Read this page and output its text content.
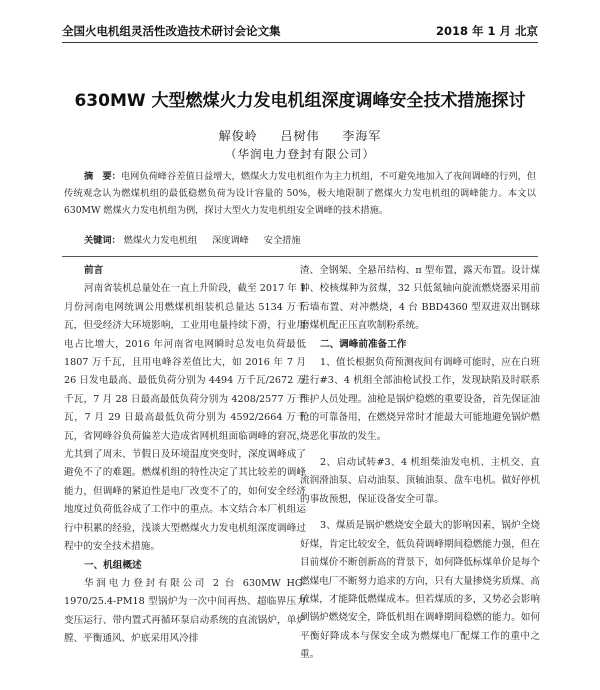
全国火电机组灵活性改造技术研讨会论文集	2018 年 1 月 北京
630MW 大型燃煤火力发电机组深度调峰安全技术措施探讨
解俊岭 吕树伟 李海军
（华润电力登封有限公司）
摘　要：电网负荷峰谷差值日益增大，燃煤火力发电机组作为主力机组，不可避免地加入了夜间调峰的行列，但传统观念认为燃煤机组的最低稳燃负荷为设计容量的 50%，极大地限制了燃煤火力发电机组的调峰能力。本文以 630MW 燃煤火力发电机组为例，探讨大型火力发电机组安全调峰的技术措施。
关键词： 燃煤火力发电机组 深度调峰 安全措施
前言

河南省装机总量处在一直上升阶段，截至 2017 年 1 月份河南电网统调公用燃煤机组装机总量达 5134 万千瓦，但受经济大环境影响，工业用电量持续下滑，行业用电占比增大，2016 年河南省电网瞬时总发电负荷最低 1807 万千瓦，且用电峰谷差值比大，如 2016 年 7 月 26 日发电最高、最低负荷分别为 4494 万千瓦/2672 万千瓦，7 月 28 日最高最低负荷分别为 4208/2577 万千瓦，7 月 29 日最高最低负荷分别为 4592/2664 万千瓦，省网峰谷负荷偏差大造成省网机组面临调峰的窘况，尤其到了周末、节假日及环境温度突变时，深度调峰成了避免不了的难题。燃煤机组的特性决定了其比较差的调峰能力，但调峰的紧迫性是电厂改变不了的，如何安全经济地度过负荷低谷成了工作中的重点。本文结合本厂机组运行中积累的经验，浅谈大型燃煤火力发电机组深度调峰过程中的安全技术措施。

一、机组概述

华润电力登封有限公司 2 台 630MW HG-1970/25.4-PM18 型锅炉为一次中间再热、超临界压力变压运行、带内置式再循环泵启动系统的直流锅炉，单炉膛、平衡通风、炉底采用风冷排

渣、全钢架、全悬吊结构、π 型布置，露天布置。设计煤种、校核煤种为贫煤，32 只低氮轴向旋流燃烧器采用前后墙布置、对冲燃烧，4 台 BBD4360 型双进双出钢球磨煤机配正压直吹制粉系统。

二、调峰前准备工作

1、值长根据负荷预测夜间有调峰可能时，应在白班进行#3、4 机组全部油枪试投工作，发现缺陷及时联系维护人员处理。油枪是锅炉稳燃的重要设备，首先保证油枪的可靠备用，在燃烧异常时才能最大可能地避免锅炉燃烧恶化事故的发生。

2、启动试转#3、4 机组柴油发电机、主机交、直流润滑油泵、启动油泵、顶轴油泵、盘车电机。做好停机的事故预想，保证设备安全可靠。

3、煤质是锅炉燃烧安全最大的影响因素，锅炉全烧好煤，肯定比较安全，低负荷调峰期间稳燃能力强，但在目前煤价不断创新高的背景下，如何降低标煤单价是每个燃煤电厂不断努力追求的方向，只有大量掺烧劣质煤、高硫煤，才能降低燃煤成本。但若煤质的多，又势必会影响到锅炉燃烧安全，降低机组在调峰期间稳燃的能力。如何平衡好降成本与保安全成为燃煤电厂配煤工作的重中之重。
